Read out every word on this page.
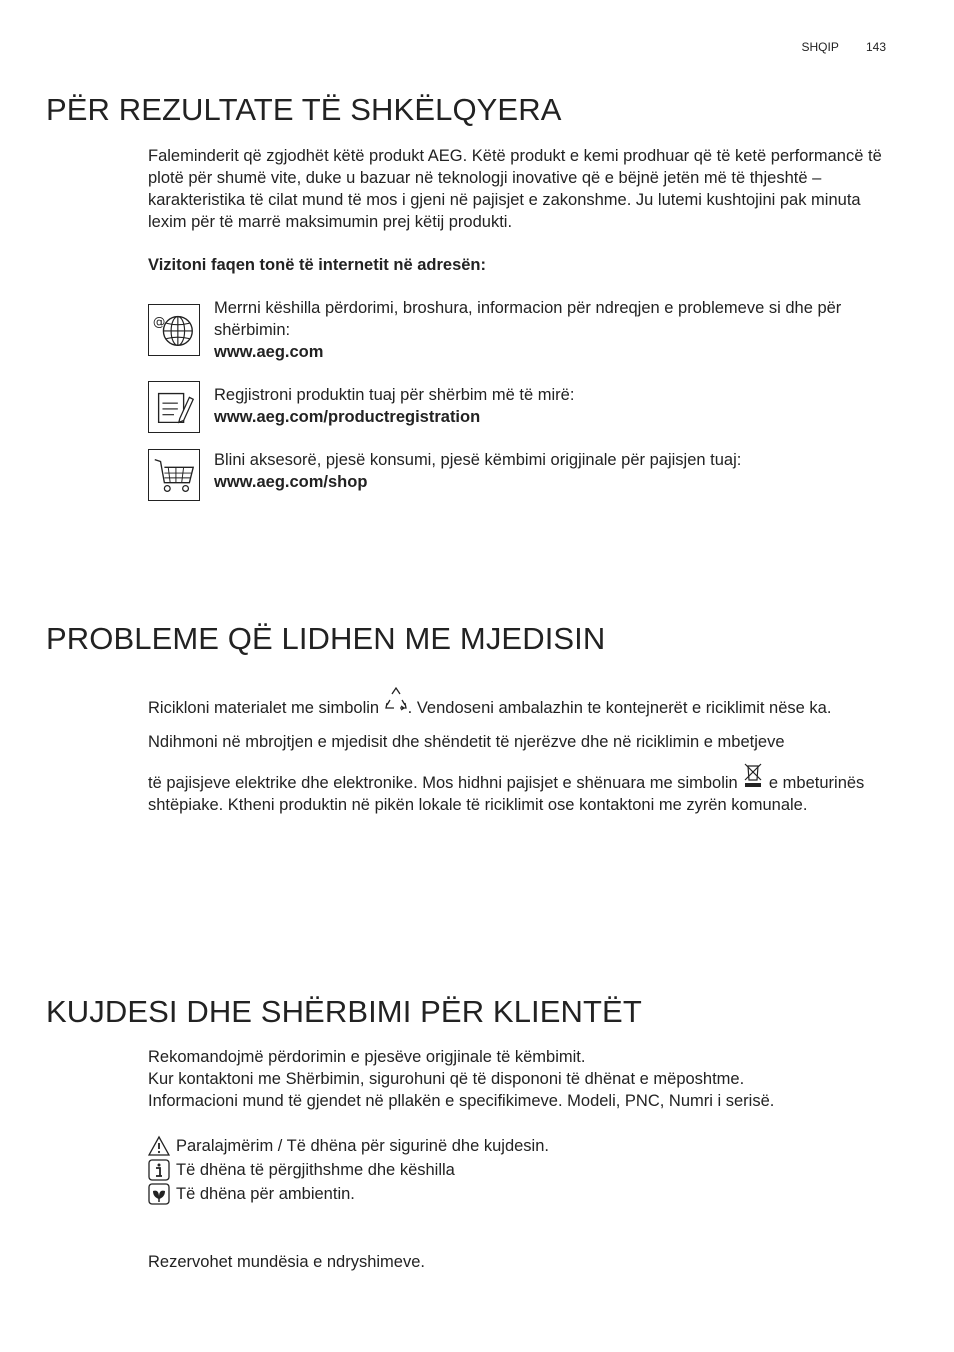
SHQIP 143
PËR REZULTATE TË SHKËLQYERA
Faleminderit që zgjodhët këtë produkt AEG. Këtë produkt e kemi prodhuar që të ketë performancë të plotë për shumë vite, duke u bazuar në teknologji inovative që e bëjnë jetën më të thjeshtë – karakteristika të cilat mund të mos i gjeni në pajisjet e zakonshme. Ju lutemi kushtojini pak minuta lexim për të marrë maksimumin prej këtij produkti.
Vizitoni faqen tonë të internetit në adresën:
@
Merrni këshilla përdorimi, broshura, informacion për ndreqjen e problemeve si dhe për shërbimin:
www.aeg.com
Regjistroni produktin tuaj për shërbim më të mirë:
www.aeg.com/productregistration
Blini aksesorë, pjesë konsumi, pjesë këmbimi origjinale për pajisjen tuaj:
www.aeg.com/shop
PROBLEME QË LIDHEN ME MJEDISIN
Ricikloni materialet me simbolin . Vendoseni ambalazhin te kontejnerët e riciklimit nëse ka.
Ndihmoni në mbrojtjen e mjedisit dhe shëndetit të njerëzve dhe në riciklimin e mbetjeve
të pajisjeve elektrike dhe elektronike. Mos hidhni pajisjet e shënuara me simbolin e mbeturinës shtëpiake. Ktheni produktin në pikën lokale të riciklimit ose kontaktoni me zyrën komunale.
KUJDESI DHE SHËRBIMI PËR KLIENTËT
Rekomandojmë përdorimin e pjesëve origjinale të këmbimit.
Kur kontaktoni me Shërbimin, sigurohuni që të dispononi të dhënat e mëposhtme.
Informacioni mund të gjendet në pllakën e specifikimeve. Modeli, PNC, Numri i serisë.
Paralajmërim / Të dhëna për sigurinë dhe kujdesin.
Të dhëna të përgjithshme dhe këshilla
Të dhëna për ambientin.
Rezervohet mundësia e ndryshimeve.
